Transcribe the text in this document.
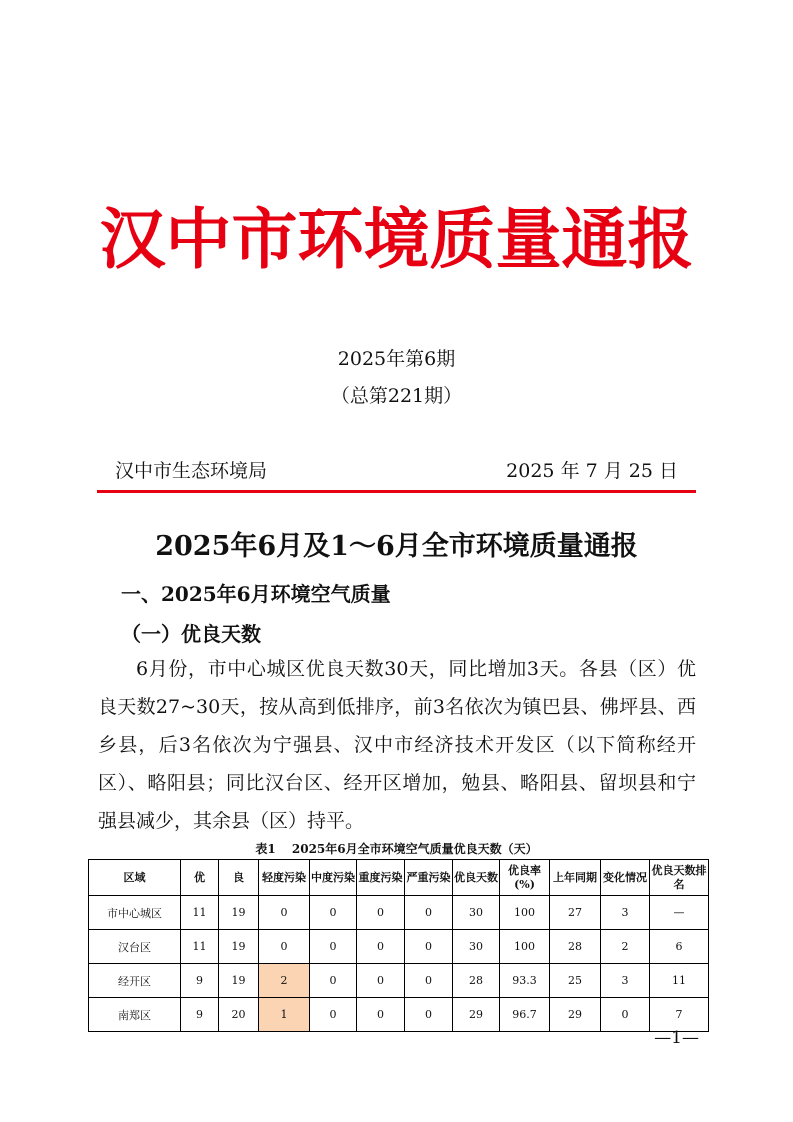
汉中市环境质量通报
2025年第6期
（总第221期）
汉中市生态环境局	2025 年 7 月 25 日
2025年6月及1～6月全市环境质量通报
一、2025年6月环境空气质量
（一）优良天数
6月份，市中心城区优良天数30天，同比增加3天。各县（区）优良天数27~30天，按从高到低排序，前3名依次为镇巴县、佛坪县、西乡县，后3名依次为宁强县、汉中市经济技术开发区（以下简称经开区）、略阳县；同比汉台区、经开区增加，勉县、略阳县、留坝县和宁强县减少，其余县（区）持平。
表1　 2025年6月全市环境空气质量优良天数（天）
区域	优	良	轻度污染	中度污染	重度污染	严重污染	优良天数	优良率(%)	上年同期	变化情况	优良天数排名
市中心城区	11	19	0	0	0	0	30	100	27	3	—
汉台区	11	19	0	0	0	0	30	100	28	2	6
经开区	9	19	2	0	0	0	28	93.3	25	3	11
南郑区	9	20	1	0	0	0	29	96.7	29	0	7
—1—
